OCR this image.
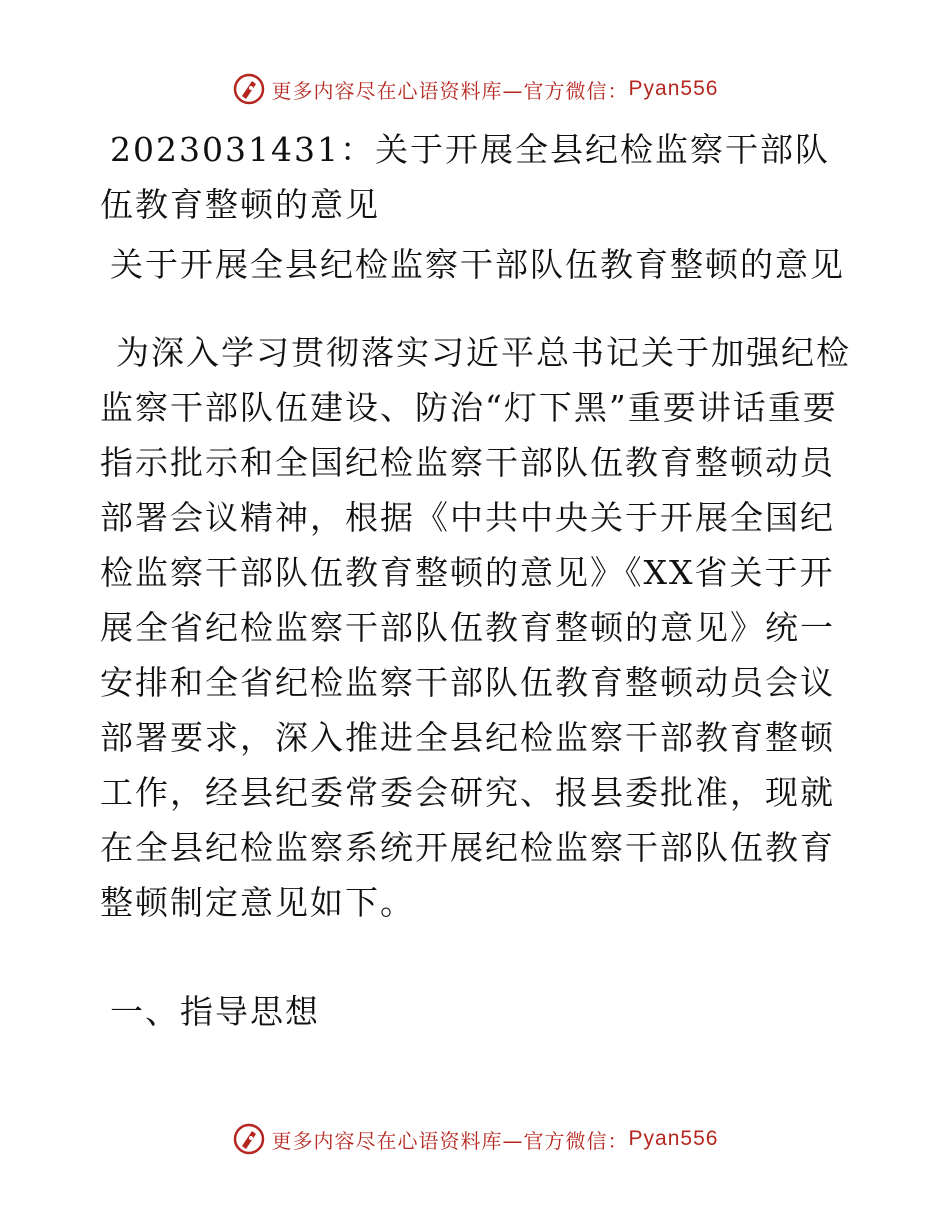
更多内容尽在心语资料库—官方微信： Pyan556

2023031431：关于开展全县纪检监察干部队伍教育整顿的意见

关于开展全县纪检监察干部队伍教育整顿的意见

为深入学习贯彻落实习近平总书记关于加强纪检监察干部队伍建设、防治“灯下黑”重要讲话重要指示批示和全国纪检监察干部队伍教育整顿动员部署会议精神，根据《中共中央关于开展全国纪检监察干部队伍教育整顿的意见》《XX省关于开展全省纪检监察干部队伍教育整顿的意见》统一安排和全省纪检监察干部队伍教育整顿动员会议部署要求，深入推进全县纪检监察干部教育整顿工作，经县纪委常委会研究、报县委批准，现就在全县纪检监察系统开展纪检监察干部队伍教育整顿制定意见如下。

一、指导思想

更多内容尽在心语资料库—官方微信： Pyan556
